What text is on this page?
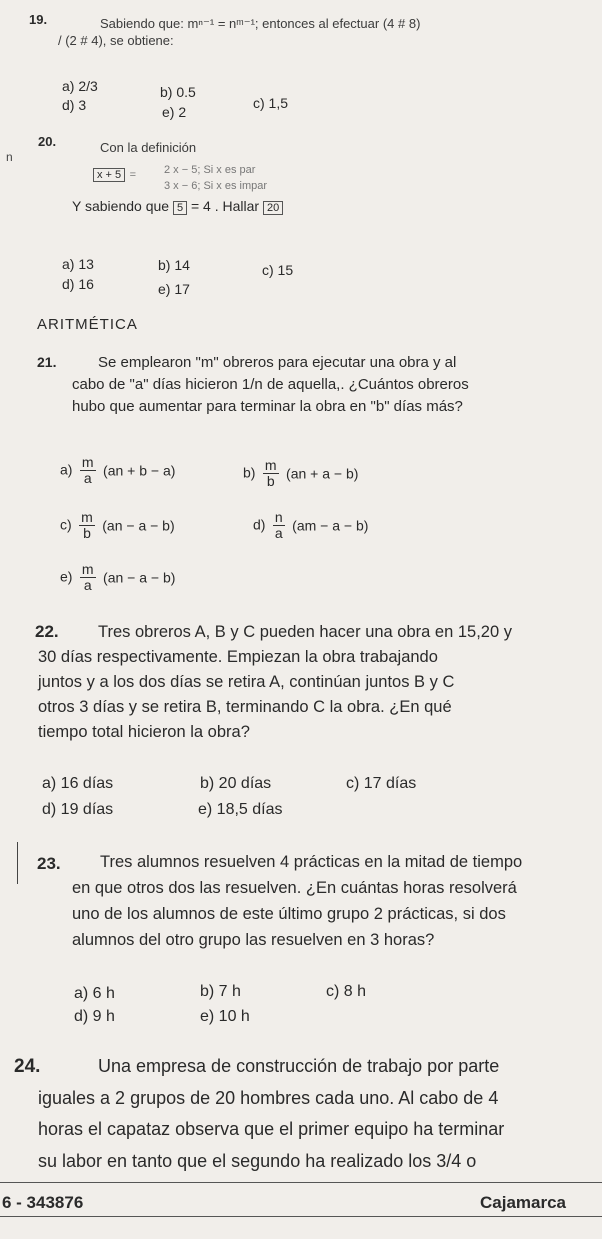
19.	Sabiendo que: mⁿ⁻¹ = nᵐ⁻¹; entonces al efectuar (4 # 8)
/ (2 # 4), se obtiene:
a) 2/3	b) 0.5
c) 1,5
d) 3	e) 2
20.	Con la definición
n
x + 5 =	2 x − 5; Si x es par
3 x − 6; Si x es impar
Y sabiendo que 5 = 4 . Hallar 20
a) 13	b) 14	c) 15
d) 16	e) 17
ARITMÉTICA
21.	Se emplearon "m" obreros para ejecutar una obra y al
cabo de "a" días hicieron 1/n de aquella,. ¿Cuántos obreros
hubo que aumentar para terminar la obra en "b" días más?
$a) \frac{m}{a} (an + b - a)$	$b) \frac{m}{b} (an + a - b)$
$c) \frac{m}{b} (an - a - b)$	$d) \frac{n}{a} (am - a - b)$
$e) \frac{m}{a} (an - a - b)$
22. Tres obreros A, B y C pueden hacer una obra en 15,20 y
30 días respectivamente. Empiezan la obra trabajando
juntos y a los dos días se retira A, continúan juntos B y C
otros 3 días y se retira B, terminando C la obra. ¿En qué
tiempo total hicieron la obra?
a) 16 días	b) 20 días	c) 17 días
d) 19 días	e) 18,5 días
23. Tres alumnos resuelven 4 prácticas en la mitad de tiempo
en que otros dos las resuelven. ¿En cuántas horas resolverá
uno de los alumnos de este último grupo 2 prácticas, si dos
alumnos del otro grupo las resuelven en 3 horas?
a) 6 h	b) 7 h	c) 8 h
d) 9 h	e) 10 h
24.	Una empresa de construcción de trabajo por parte
iguales a 2 grupos de 20 hombres cada uno. Al cabo de 4
horas el capataz observa que el primer equipo ha terminar
su labor en tanto que el segundo ha realizado los 3/4 o
6 - 343876	Cajamarca
